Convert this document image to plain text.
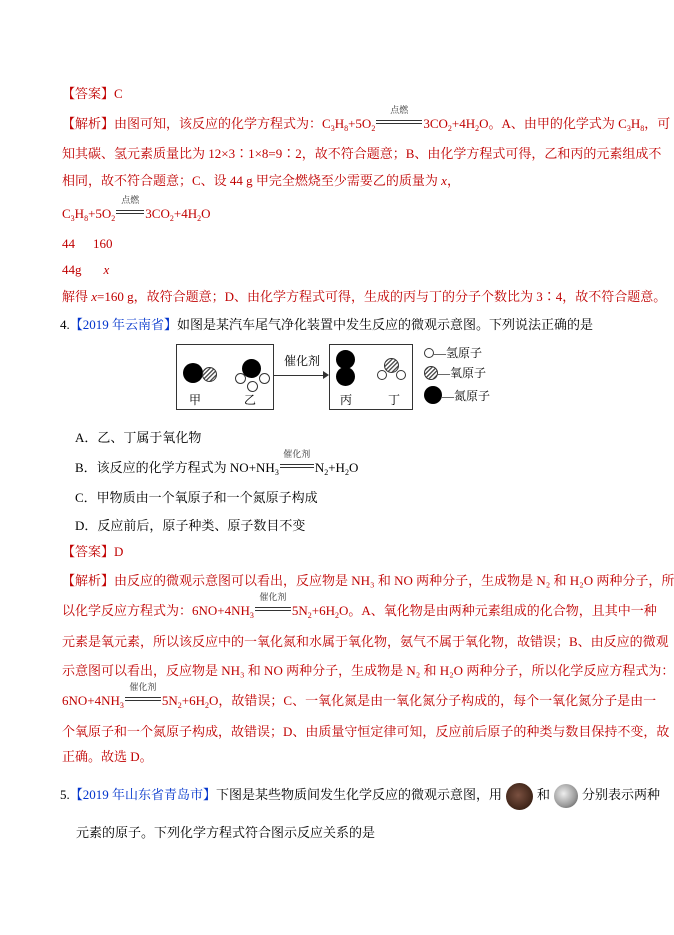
【答案】C
【解析】由图可知，该反应的化学方程式为：$C_3H_8+5O_2$
点燃
$3CO_2+4H_2O$。A、由甲的化学式为 $C_3H_8$，可
知其碳、氢元素质量比为 12×3∶1×8=9∶2，故不符合题意；B、由化学方程式可得，乙和丙的元素组成不
相同，故不符合题意；C、设 44 g 甲完全燃烧至少需要乙的质量为 x，
$C_3H_8+5O_2$
点燃
$3CO_2+4H_2O$
44 160
44g x
解得 x=160 g，故符合题意；D、由化学方程式可得，生成的丙与丁的分子个数比为 3∶4，故不符合题意。
4.【2019 年云南省】如图是某汽车尾气净化装置中发生反应的微观示意图。下列说法正确的是
甲	乙
催化剂
丙	丁
—氢原子
—氧原子
—氮原子
A．乙、丁属于氧化物
B．该反应的化学方程式为 $NO+NH_3$
催化剂
$N_2+H_2O$
C．甲物质由一个氧原子和一个氮原子构成
D．反应前后，原子种类、原子数目不变
【答案】D
【解析】由反应的微观示意图可以看出，反应物是 NH₃ 和 NO 两种分子，生成物是 N₂ 和 H₂O 两种分子，所
以化学反应方程式为：$6NO+4NH_3$
催化剂
$5N_2+6H_2O$。A、氧化物是由两种元素组成的化合物，且其中一种
元素是氧元素，所以该反应中的一氧化氮和水属于氧化物，氨气不属于氧化物，故错误；B、由反应的微观
示意图可以看出，反应物是 NH₃ 和 NO 两种分子，生成物是 N₂ 和 H₂O 两种分子，所以化学反应方程式为：
$6NO+4NH_3$
催化剂
$5N_2+6H_2O$，故错误；C、一氧化氮是由一氧化氮分子构成的，每个一氧化氮分子是由一
个氧原子和一个氮原子构成，故错误；D、由质量守恒定律可知，反应前后原子的种类与数目保持不变，故
正确。故选 D。
5.【2019 年山东省青岛市】下图是某些物质间发生化学反应的微观示意图，用	和 分别表示两种
元素的原子。下列化学方程式符合图示反应关系的是
